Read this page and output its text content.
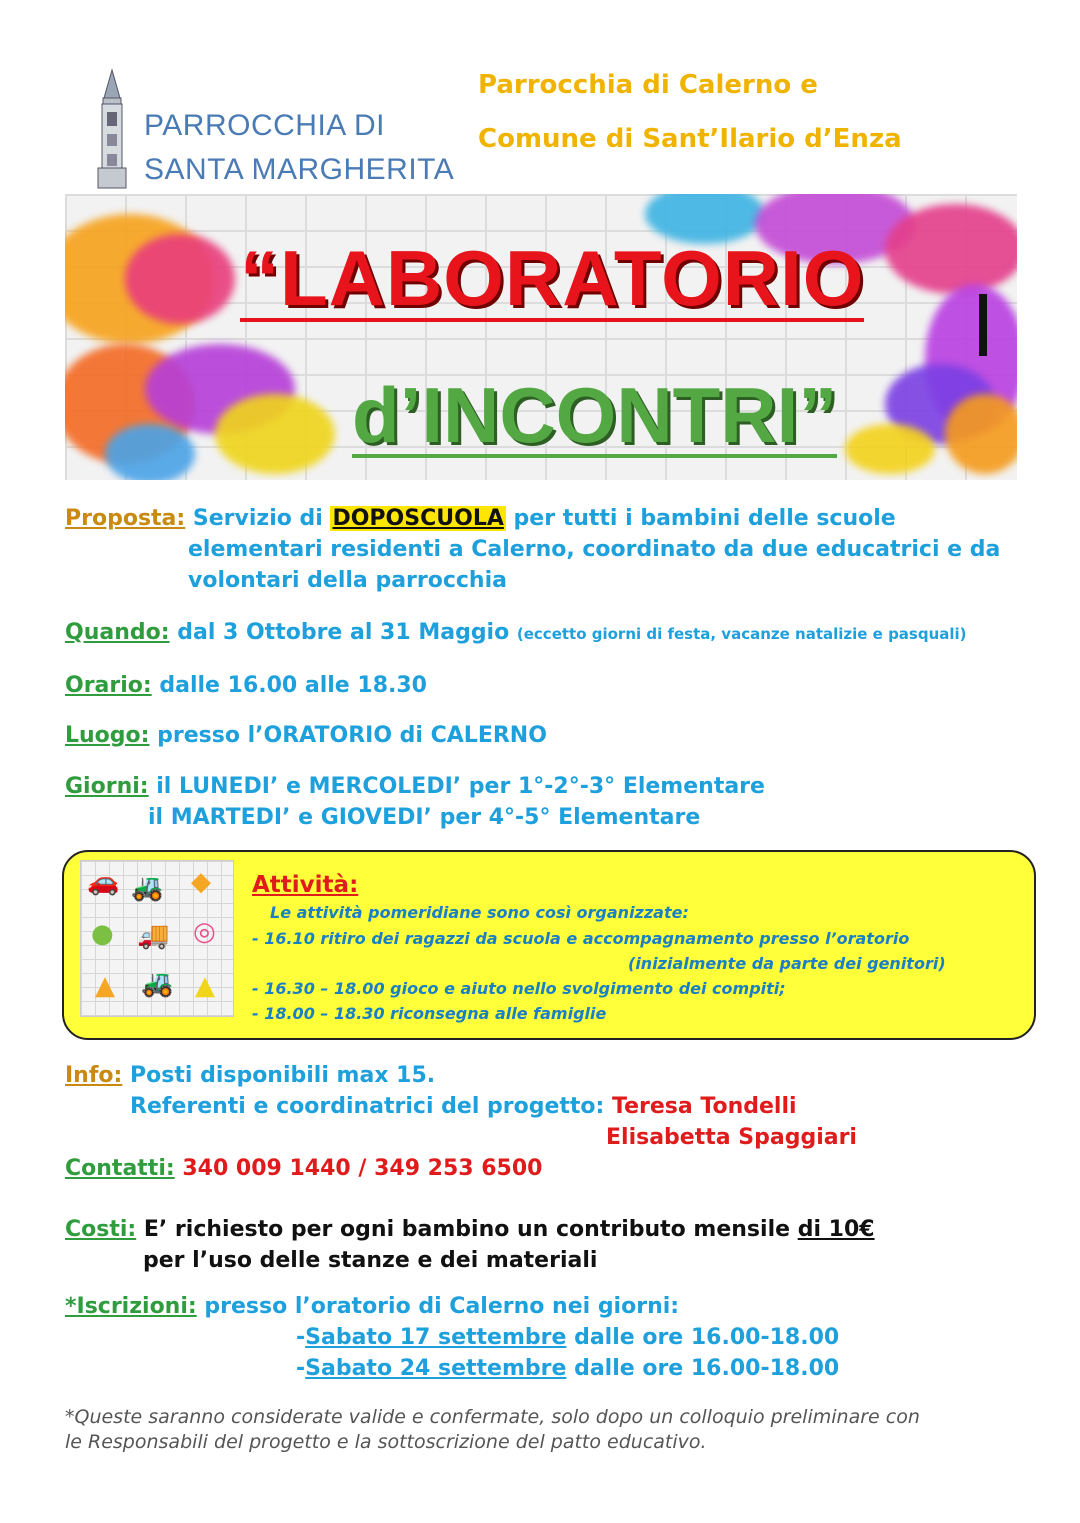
PARROCCHIA DI
SANTA MARGHERITA
Parrocchia di Calerno e
Comune di Sant’Ilario d’Enza
“LABORATORIO
d’INCONTRI”
Proposta: Servizio di DOPOSCUOLA per tutti i bambini delle scuole
elementari residenti a Calerno, coordinato da due educatrici e da
volontari della parrocchia
Quando: dal 3 Ottobre al 31 Maggio (eccetto giorni di festa, vacanze natalizie e pasquali)
Orario: dalle 16.00 alle 18.30
Luogo: presso l’ORATORIO di CALERNO
Giorni: il LUNEDI’ e MERCOLEDI’ per 1°-2°-3° Elementare
il MARTEDI’ e GIOVEDI’ per 4°-5° Elementare
🚗 🚜 ◆
● 🚚 ◎
▲ 🚜 ▲
Attività:
Le attività pomeridiane sono così organizzate:
- 16.10 ritiro dei ragazzi da scuola e accompagnamento presso l’oratorio
(inizialmente da parte dei genitori)
- 16.30 – 18.00 gioco e aiuto nello svolgimento dei compiti;
- 18.00 – 18.30 riconsegna alle famiglie
Info: Posti disponibili max 15.
Referenti e coordinatrici del progetto: Teresa Tondelli
Elisabetta Spaggiari
Contatti: 340 009 1440 / 349 253 6500
Costi: E’ richiesto per ogni bambino un contributo mensile di 10€
per l’uso delle stanze e dei materiali
*Iscrizioni: presso l’oratorio di Calerno nei giorni:
-Sabato 17 settembre dalle ore 16.00-18.00
-Sabato 24 settembre dalle ore 16.00-18.00
*Queste saranno considerate valide e confermate, solo dopo un colloquio preliminare con
le Responsabili del progetto e la sottoscrizione del patto educativo.
